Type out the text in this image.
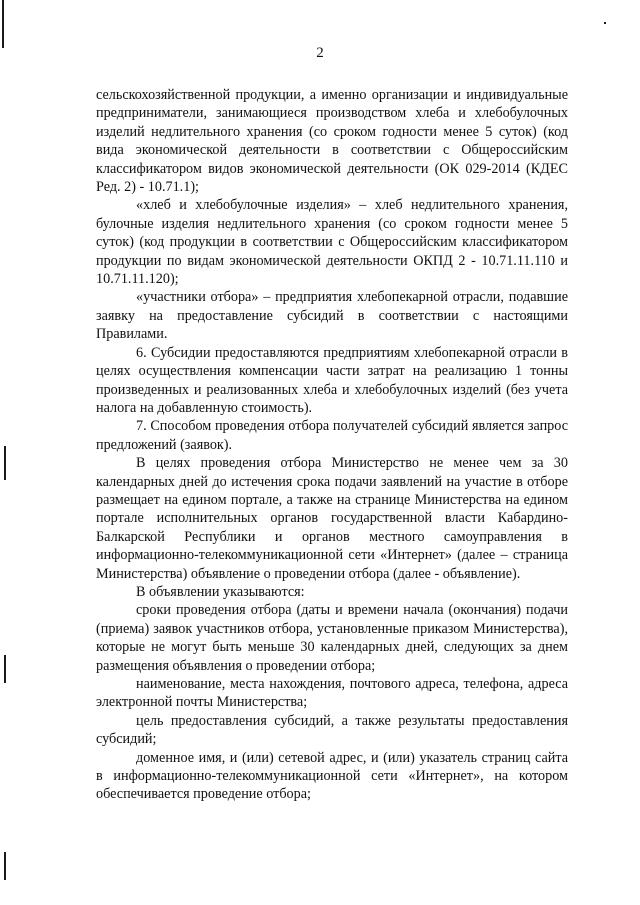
2

сельскохозяйственной продукции, а именно организации и индивидуальные предприниматели, занимающиеся производством хлеба и хлебобулочных изделий недлительного хранения (со сроком годности менее 5 суток) (код вида экономической деятельности в соответствии с Общероссийским классификатором видов экономической деятельности (ОК 029-2014 (КДЕС Ред. 2) - 10.71.1);

«хлеб и хлебобулочные изделия» – хлеб недлительного хранения, булочные изделия недлительного хранения (со сроком годности менее 5 суток) (код продукции в соответствии с Общероссийским классификатором продукции по видам экономической деятельности ОКПД 2 - 10.71.11.110 и 10.71.11.120);

«участники отбора» – предприятия хлебопекарной отрасли, подавшие заявку на предоставление субсидий в соответствии с настоящими Правилами.

6. Субсидии предоставляются предприятиям хлебопекарной отрасли в целях осуществления компенсации части затрат на реализацию 1 тонны произведенных и реализованных хлеба и хлебобулочных изделий (без учета налога на добавленную стоимость).

7. Способом проведения отбора получателей субсидий является запрос предложений (заявок).

В целях проведения отбора Министерство не менее чем за 30 календарных дней до истечения срока подачи заявлений на участие в отборе размещает на едином портале, а также на странице Министерства на едином портале исполнительных органов государственной власти Кабардино-Балкарской Республики и органов местного самоуправления в информационно-телекоммуникационной сети «Интернет» (далее – страница Министерства) объявление о проведении отбора (далее - объявление).

В объявлении указываются:

сроки проведения отбора (даты и времени начала (окончания) подачи (приема) заявок участников отбора, установленные приказом Министерства), которые не могут быть меньше 30 календарных дней, следующих за днем размещения объявления о проведении отбора;

наименование, места нахождения, почтового адреса, телефона, адреса электронной почты Министерства;

цель предоставления субсидий, а также результаты предоставления субсидий;

доменное имя, и (или) сетевой адрес, и (или) указатель страниц сайта в информационно-телекоммуникационной сети «Интернет», на котором обеспечивается проведение отбора;
